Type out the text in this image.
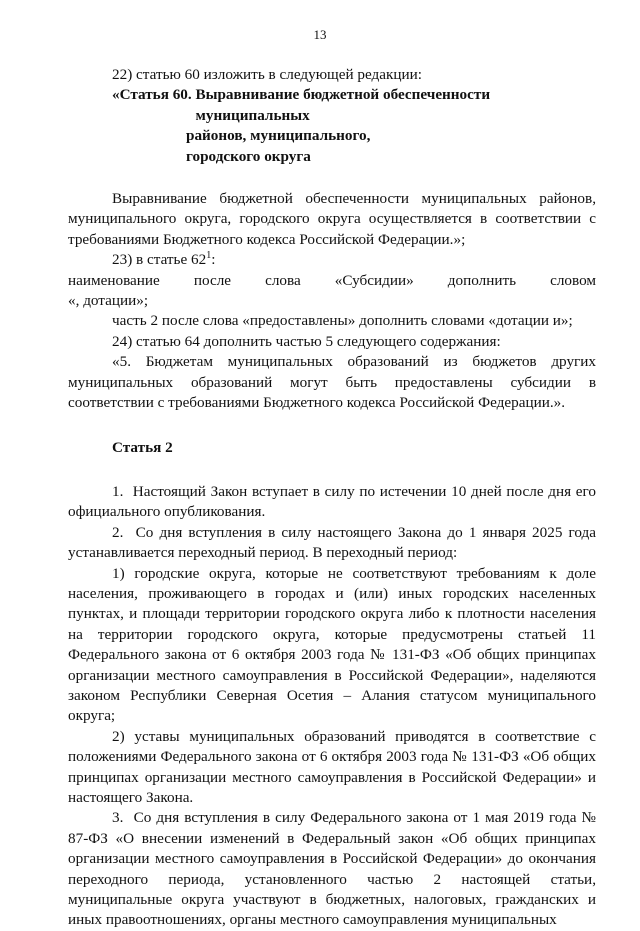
13

22) статью 60 изложить в следующей редакции:

«Статья 60. Выравнивание бюджетной обеспеченности муниципальных
районов, муниципального,
городского округа

Выравнивание бюджетной обеспеченности муниципальных районов, муниципального округа, городского округа осуществляется в соответствии с требованиями Бюджетного кодекса Российской Федерации.»;

23) в статье $62^1$:

наименование после слова «Субсидии» дополнить словом

«, дотации»;

часть 2 после слова «предоставлены» дополнить словами «дотации и»;

24) статью 64 дополнить частью 5 следующего содержания:

«5. Бюджетам муниципальных образований из бюджетов других муниципальных образований могут быть предоставлены субсидии в соответствии с требованиями Бюджетного кодекса Российской Федерации.».

Статья 2

1. Настоящий Закон вступает в силу по истечении 10 дней после дня его официального опубликования.

2. Со дня вступления в силу настоящего Закона до 1 января 2025 года устанавливается переходный период. В переходный период:

1) городские округа, которые не соответствуют требованиям к доле населения, проживающего в городах и (или) иных городских населенных пунктах, и площади территории городского округа либо к плотности населения на территории городского округа, которые предусмотрены статьей 11 Федерального закона от 6 октября 2003 года № 131-ФЗ «Об общих принципах организации местного самоуправления в Российской Федерации», наделяются законом Республики Северная Осетия – Алания статусом муниципального округа;

2) уставы муниципальных образований приводятся в соответствие с положениями Федерального закона от 6 октября 2003 года № 131-ФЗ «Об общих принципах организации местного самоуправления в Российской Федерации» и настоящего Закона.

3. Со дня вступления в силу Федерального закона от 1 мая 2019 года № 87-ФЗ «О внесении изменений в Федеральный закон «Об общих принципах организации местного самоуправления в Российской Федерации» до окончания переходного периода, установленного частью 2 настоящей статьи, муниципальные округа участвуют в бюджетных, налоговых, гражданских и иных правоотношениях, органы местного самоуправления муниципальных
